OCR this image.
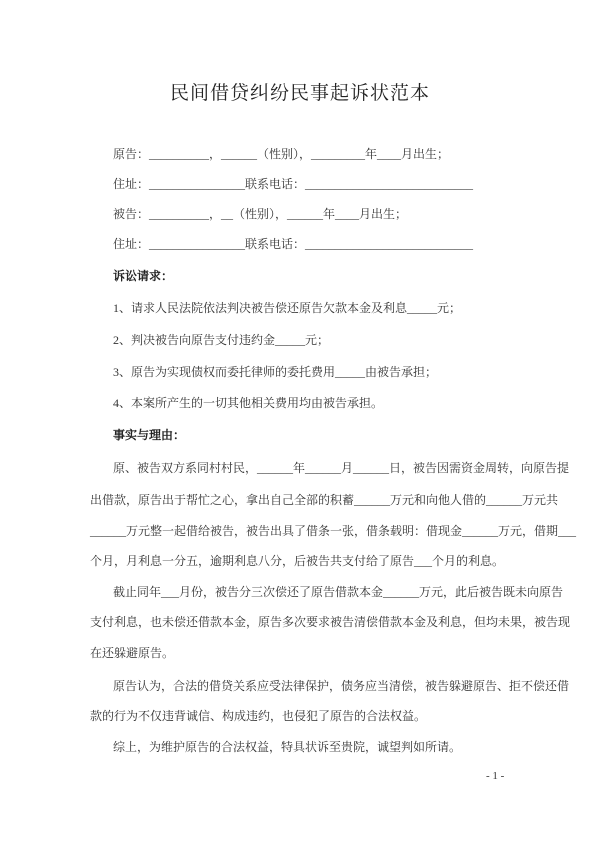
民间借贷纠纷民事起诉状范本
原告：__________，______（性别），_________年____月出生；
住址：________________联系电话：____________________________
被告：__________，__（性别），______年____月出生；
住址：________________联系电话：____________________________
诉讼请求：
1、请求人民法院依法判决被告偿还原告欠款本金及利息_____元；
2、判决被告向原告支付违约金_____元；
3、原告为实现债权而委托律师的委托费用_____由被告承担；
4、本案所产生的一切其他相关费用均由被告承担。
事实与理由：
原、被告双方系同村村民，______年______月______日，被告因需资金周转，向原告提
出借款，原告出于帮忙之心，拿出自己全部的积蓄______万元和向他人借的______万元共
______万元整一起借给被告，被告出具了借条一张，借条载明：借现金______万元，借期___
个月，月利息一分五，逾期利息八分，后被告共支付给了原告___个月的利息。
截止同年___月份，被告分三次偿还了原告借款本金______万元，此后被告既未向原告
支付利息，也未偿还借款本金，原告多次要求被告清偿借款本金及利息，但均未果，被告现
在还躲避原告。
原告认为，合法的借贷关系应受法律保护，债务应当清偿，被告躲避原告、拒不偿还借
款的行为不仅违背诚信、构成违约，也侵犯了原告的合法权益。
综上，为维护原告的合法权益，特具状诉至贵院，诚望判如所请。
- 1 -
